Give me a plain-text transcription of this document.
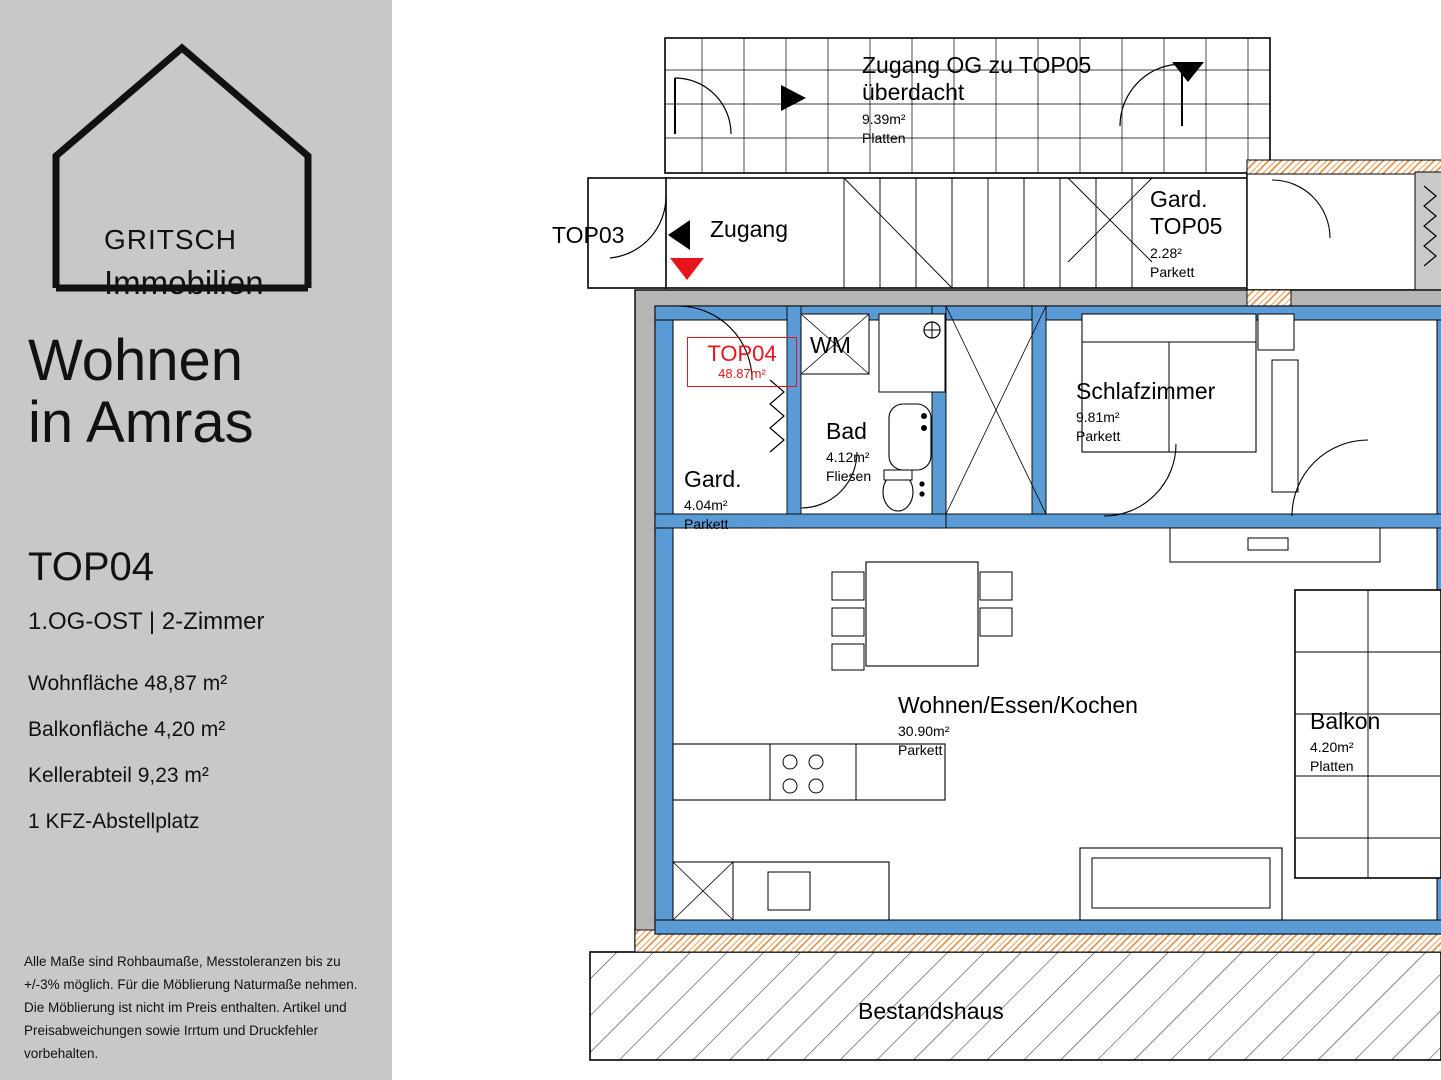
GRITSCH
Immobilien
Wohnen
in Amras
TOP04
1.OG-OST | 2-Zimmer
Wohnfläche 48,87 m²
Balkonfläche 4,20 m²
Kellerabteil 9,23 m²
1 KFZ-Abstellplatz
Alle Maße sind Rohbaumaße, Messtoleranzen bis zu +/-3% möglich. Für die Möblierung Naturmaße nehmen. Die Möblierung ist nicht im Preis enthalten. Artikel und Preisabweichungen sowie Irrtum und Druckfehler vorbehalten.
Zugang OG zu TOP05
überdacht
9.39m²
Platten
TOP03	Zugang
Gard.
TOP05
2.28²
Parkett
TOP04
48.87m²
WM
Bad
4.12m²
Fliesen
Gard.
4.04m²
Parkett
Schlafzimmer
9.81m²
Parkett
Wohnen/Essen/Kochen
30.90m²
Parkett
Balkon
4.20m²
Platten
Bestandshaus
